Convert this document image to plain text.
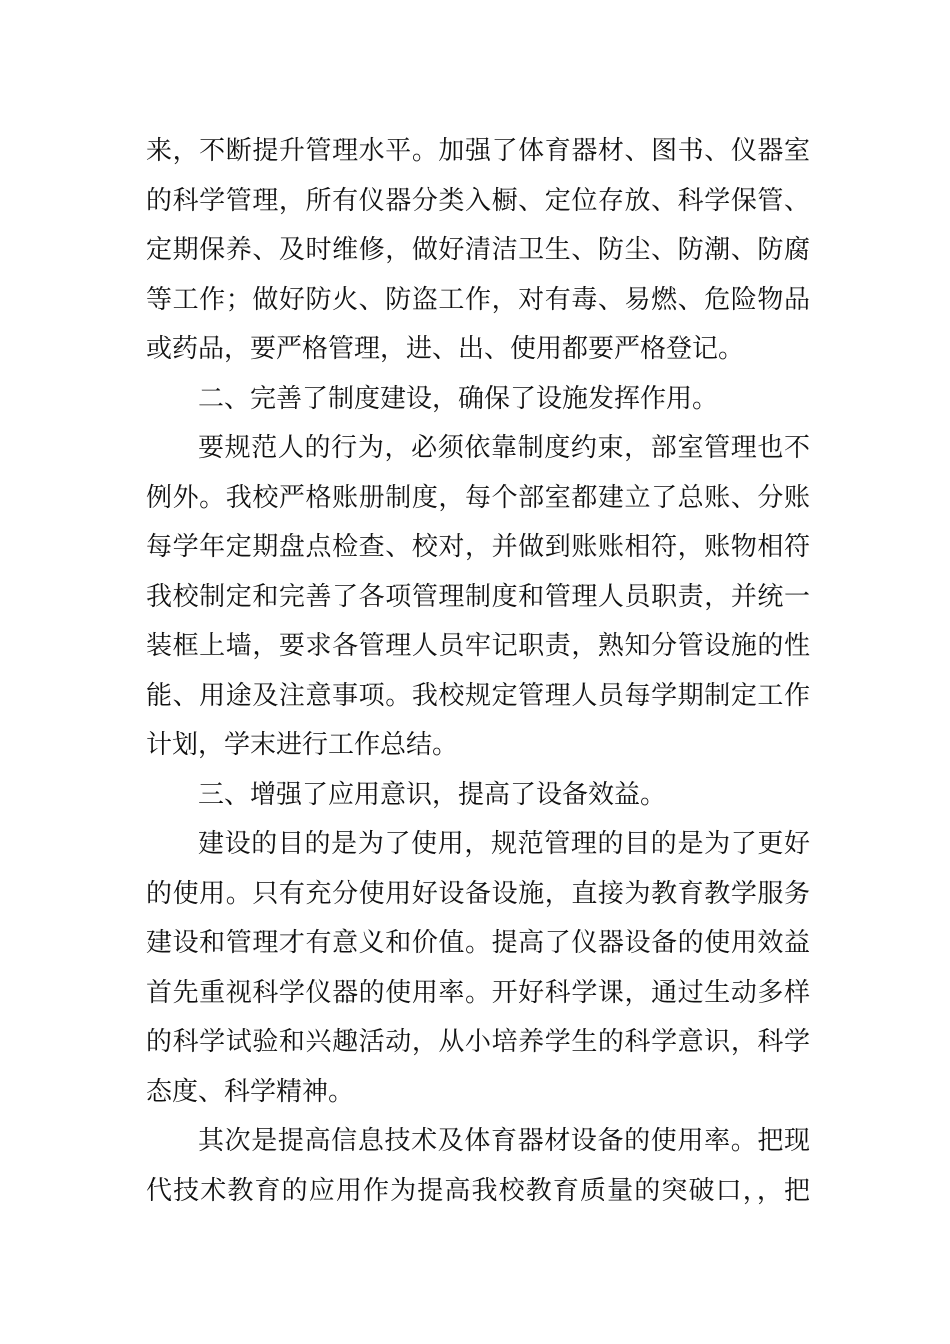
来，不断提升管理水平。加强了体育器材、图书、仪器室
的科学管理，所有仪器分类入橱、定位存放、科学保管、
定期保养、及时维修，做好清洁卫生、防尘、防潮、防腐
等工作；做好防火、防盗工作，对有毒、易燃、危险物品
或药品，要严格管理，进、出、使用都要严格登记。
二、完善了制度建设，确保了设施发挥作用。
要规范人的行为，必须依靠制度约束，部室管理也不
例外。我校严格账册制度，每个部室都建立了总账、分账
每学年定期盘点检查、校对，并做到账账相符，账物相符
我校制定和完善了各项管理制度和管理人员职责，并统一
装框上墙，要求各管理人员牢记职责，熟知分管设施的性
能、用途及注意事项。我校规定管理人员每学期制定工作
计划，学末进行工作总结。
三、增强了应用意识，提高了设备效益。
建设的目的是为了使用，规范管理的目的是为了更好
的使用。只有充分使用好设备设施，直接为教育教学服务
建设和管理才有意义和价值。提高了仪器设备的使用效益
首先重视科学仪器的使用率。开好科学课，通过生动多样
的科学试验和兴趣活动，从小培养学生的科学意识，科学
态度、科学精神。
其次是提高信息技术及体育器材设备的使用率。把现
代技术教育的应用作为提高我校教育质量的突破口，，把
